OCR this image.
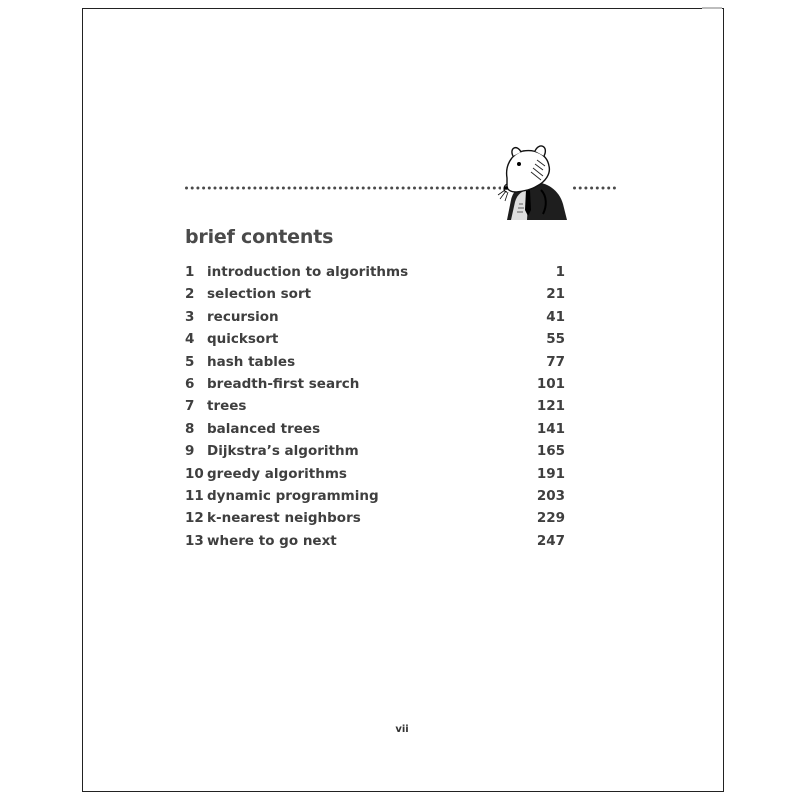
brief contents
1 introduction to algorithms	1
2 selection sort	21
3 recursion	41
4 quicksort	55
5 hash tables	77
6 breadth-first search	101
7 trees	121
8 balanced trees	141
9 Dijkstra’s algorithm	165
10 greedy algorithms	191
11 dynamic programming	203
12 k-nearest neighbors	229
13 where to go next	247
vii
